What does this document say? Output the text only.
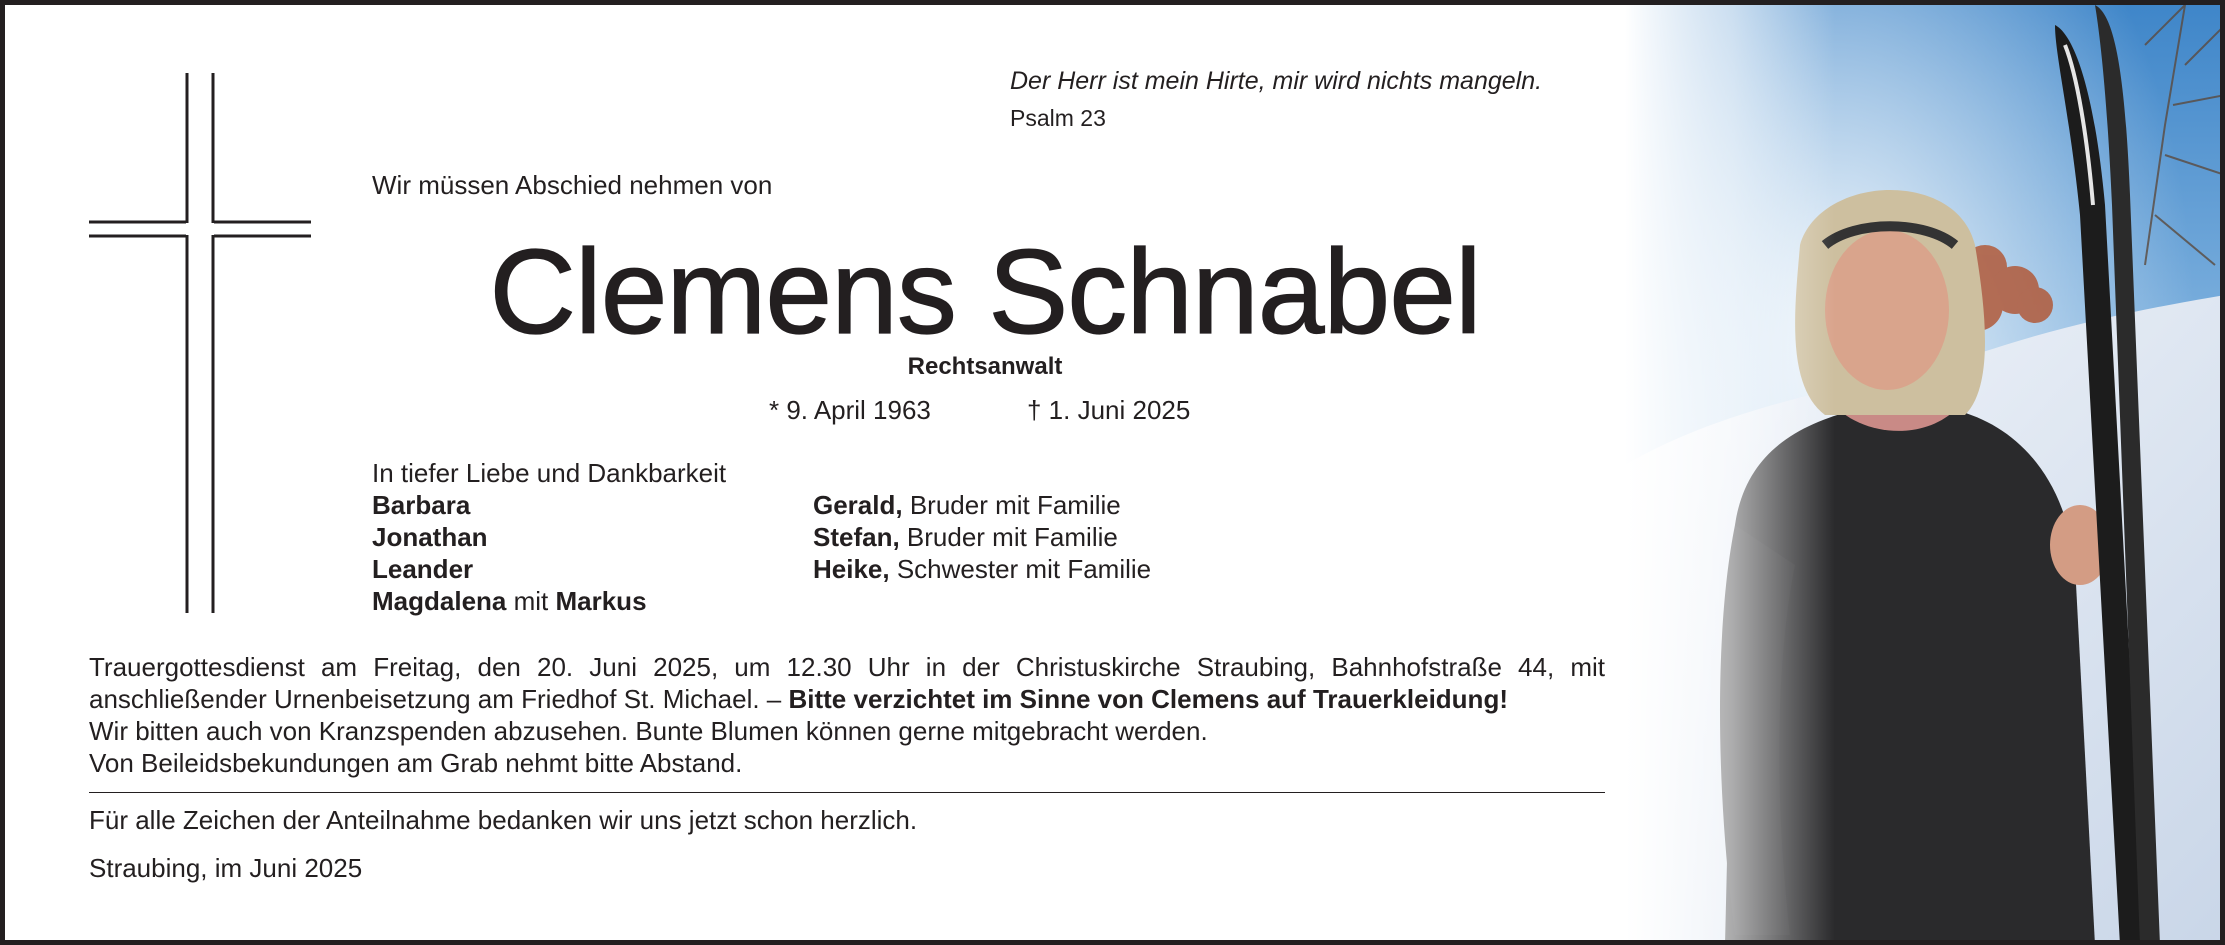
Der Herr ist mein Hirte, mir wird nichts mangeln.
Psalm 23
Wir müssen Abschied nehmen von
Clemens Schnabel
Rechtsanwalt
* 9. April 1963	† 1. Juni 2025
In tiefer Liebe und Dankbarkeit
Barbara
Jonathan
Leander
Magdalena mit Markus
Gerald, Bruder mit Familie
Stefan, Bruder mit Familie
Heike, Schwester mit Familie
Trauergottesdienst am Freitag, den 20. Juni 2025, um 12.30 Uhr in der Christuskirche Straubing, Bahnhofstraße 44, mit
anschließender Urnenbeisetzung am Friedhof St. Michael. – Bitte verzichtet im Sinne von Clemens auf Trauerkleidung!
Wir bitten auch von Kranzspenden abzusehen. Bunte Blumen können gerne mitgebracht werden.
Von Beileidsbekundungen am Grab nehmt bitte Abstand.
Für alle Zeichen der Anteilnahme bedanken wir uns jetzt schon herzlich.
Straubing, im Juni 2025
